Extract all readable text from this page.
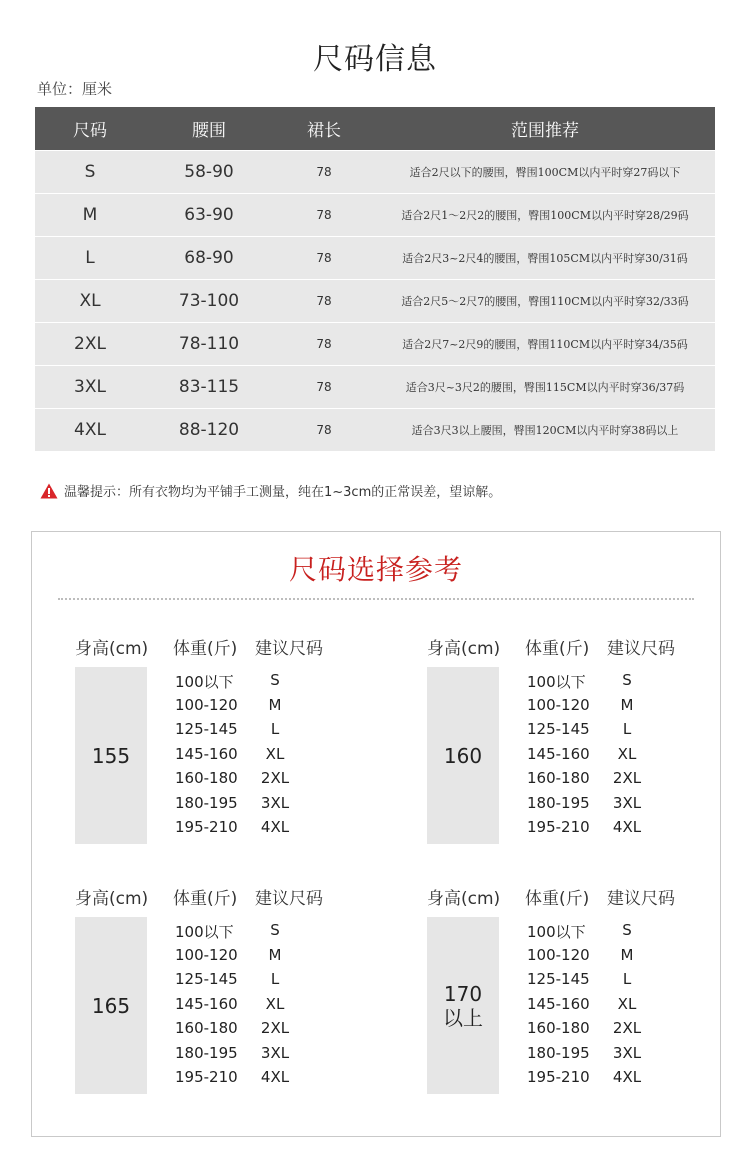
尺码信息
单位：厘米
尺码	腰围	裙长	范围推荐
S	58-90	78	适合2尺以下的腰围，臀围100CM以内平时穿27码以下
M	63-90	78	适合2尺1～2尺2的腰围，臀围100CM以内平时穿28/29码
L	68-90	78	适合2尺3~2尺4的腰围，臀围105CM以内平时穿30/31码
XL	73-100	78	适合2尺5～2尺7的腰围，臀围110CM以内平时穿32/33码
2XL	78-110	78	适合2尺7~2尺9的腰围，臀围110CM以内平时穿34/35码
3XL	83-115	78	适合3尺~3尺2的腰围，臀围115CM以内平时穿36/37码
4XL	88-120	78	适合3尺3以上腰围，臀围120CM以内平时穿38码以上
温馨提示：所有衣物均为平铺手工测量，纯在1~3cm的正常误差，望谅解。
尺码选择参考
身高(cm) 体重(斤) 建议尺码
155
100以下	S
100-120	M
125-145	L
145-160	XL
160-180	2XL
180-195	3XL
195-210	4XL
身高(cm) 体重(斤) 建议尺码
160
100以下	S
100-120	M
125-145	L
145-160	XL
160-180	2XL
180-195	3XL
195-210	4XL
身高(cm) 体重(斤) 建议尺码
165
100以下	S
100-120	M
125-145	L
145-160	XL
160-180	2XL
180-195	3XL
195-210	4XL
身高(cm) 体重(斤) 建议尺码
170
以上
100以下	S
100-120	M
125-145	L
145-160	XL
160-180	2XL
180-195	3XL
195-210	4XL
